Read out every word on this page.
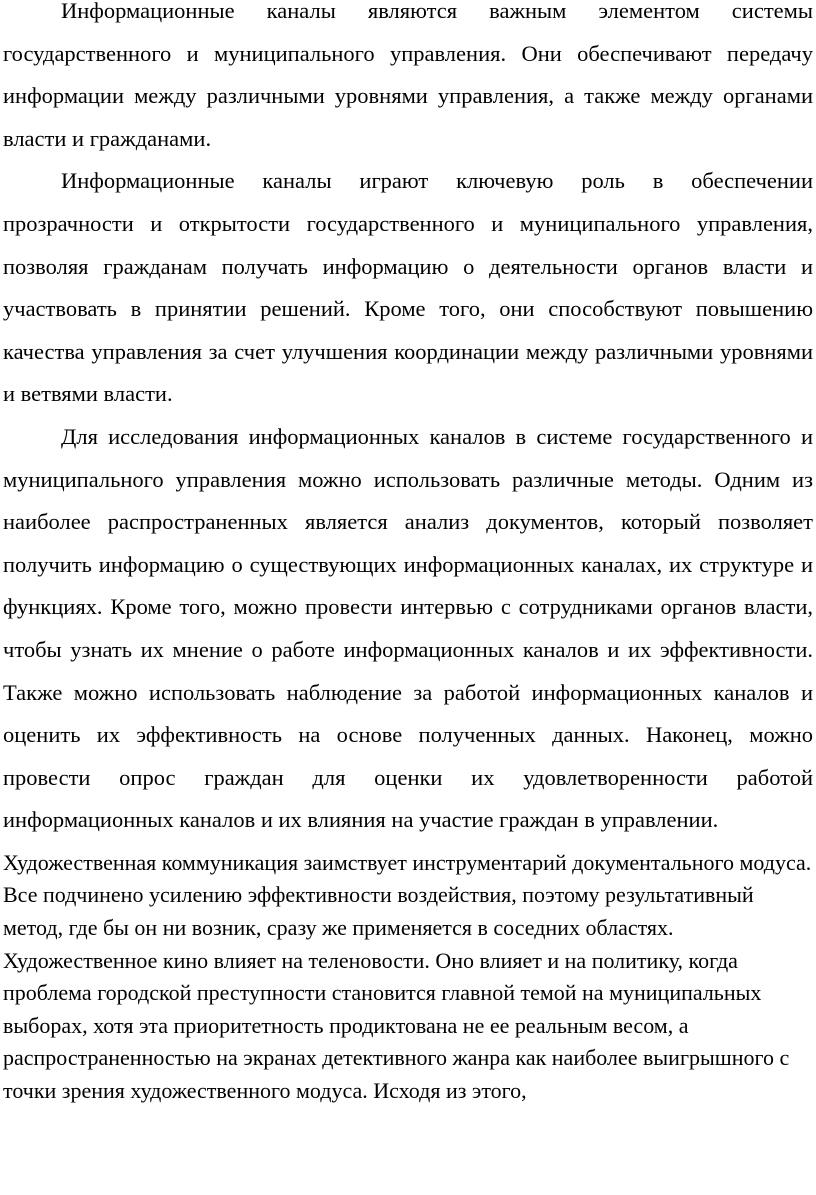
Информационные каналы являются важным элементом системы государственного и муниципального управления. Они обеспечивают передачу информации между различными уровнями управления, а также между органами власти и гражданами.

Информационные каналы играют ключевую роль в обеспечении прозрачности и открытости государственного и муниципального управления, позволяя гражданам получать информацию о деятельности органов власти и участвовать в принятии решений. Кроме того, они способствуют повышению качества управления за счет улучшения координации между различными уровнями и ветвями власти.

Для исследования информационных каналов в системе государственного и муниципального управления можно использовать различные методы. Одним из наиболее распространенных является анализ документов, который позволяет получить информацию о существующих информационных каналах, их структуре и функциях. Кроме того, можно провести интервью с сотрудниками органов власти, чтобы узнать их мнение о работе информационных каналов и их эффективности. Также можно использовать наблюдение за работой информационных каналов и оценить их эффективность на основе полученных данных. Наконец, можно провести опрос граждан для оценки их удовлетворенности работой информационных каналов и их влияния на участие граждан в управлении.

Художественная коммуникация заимствует инструментарий документального модуса. Все подчинено усилению эффективности воздействия, поэтому результативный метод, где бы он ни возник, сразу же применяется в соседних областях. Художественное кино влияет на теленовости. Оно влияет и на политику, когда проблема городской преступности становится главной темой на муниципальных выборах, хотя эта приоритетность продиктована не ее реальным весом, а распространенностью на экранах детективного жанра как наиболее выигрышного с точки зрения художественного модуса. Исходя из этого,
